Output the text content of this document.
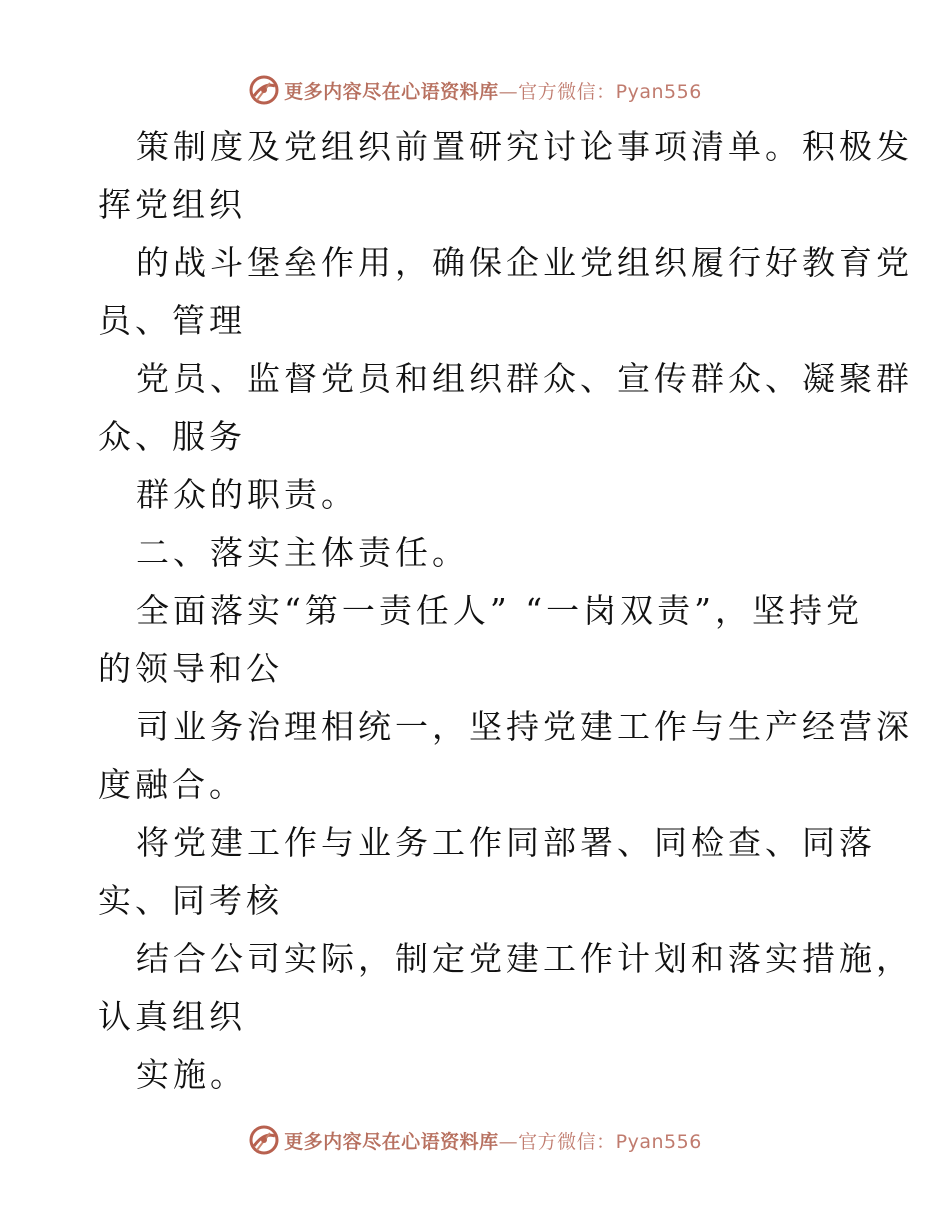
更多内容尽在心语资料库—官方微信：Pyan556
策制度及党组织前置研究讨论事项清单。积极发
挥党组织
的战斗堡垒作用，确保企业党组织履行好教育党
员、管理
党员、监督党员和组织群众、宣传群众、凝聚群
众、服务
群众的职责。
二、落实主体责任。
全面落实“第一责任人” “一岗双责”，坚持党
的领导和公
司业务治理相统一，坚持党建工作与生产经营深
度融合。
将党建工作与业务工作同部署、同检查、同落
实、同考核
结合公司实际，制定党建工作计划和落实措施，
认真组织
实施。
更多内容尽在心语资料库—官方微信：Pyan556
